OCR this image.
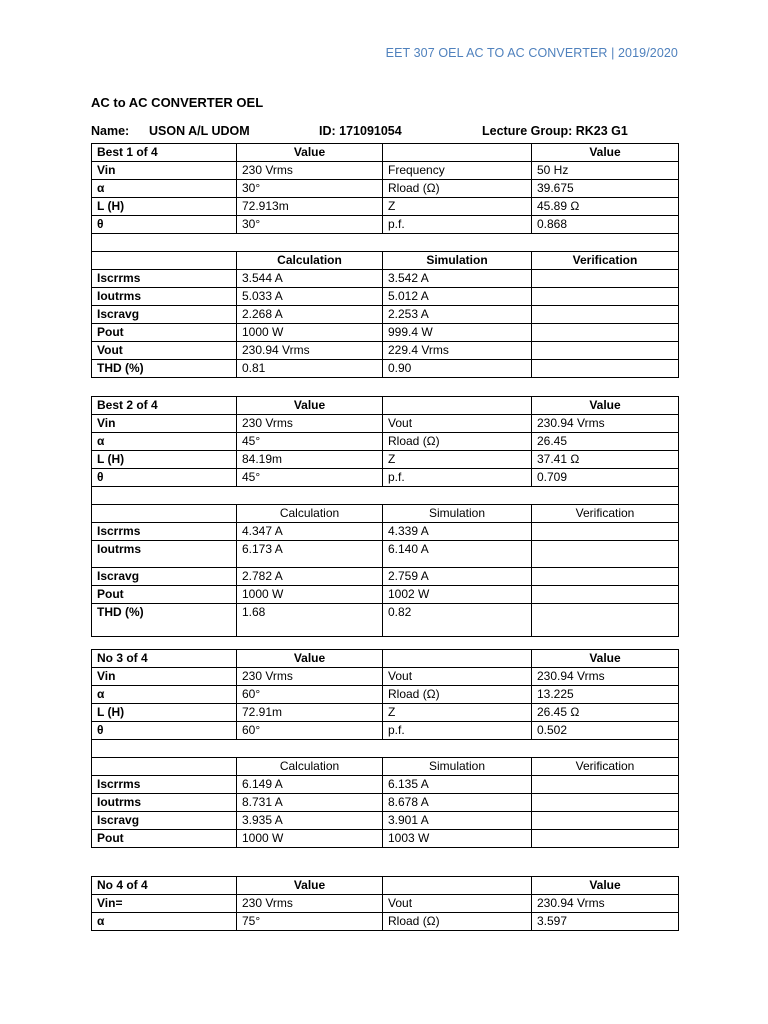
EET 307 OEL AC TO AC CONVERTER | 2019/2020
AC to AC CONVERTER OEL
Name: USON A/L UDOM	ID: 171091054	Lecture Group: RK23 G1
Best 1 of 4	Value		Value
Vin	230 Vrms	Frequency	50 Hz
α	30°	Rload (Ω)	39.675
L (H)	72.913m	Z	45.89 Ω
θ	30°	p.f.	0.868

	Calculation	Simulation	Verification
Iscrrms	3.544 A	3.542 A	
Ioutrms	5.033 A	5.012 A	
Iscravg	2.268 A	2.253 A	
Pout	1000 W	999.4 W	
Vout	230.94 Vrms	229.4 Vrms	
THD (%)	0.81	0.90	
Best 2 of 4	Value		Value
Vin	230 Vrms	Vout	230.94 Vrms
α	45°	Rload (Ω)	26.45
L (H)	84.19m	Z	37.41 Ω
θ	45°	p.f.	0.709

	Calculation	Simulation	Verification
Iscrrms	4.347 A	4.339 A	
Ioutrms	6.173 A	6.140 A	
Iscravg	2.782 A	2.759 A	
Pout	1000 W	1002 W	
THD (%)	1.68	0.82	
No 3 of 4	Value		Value
Vin	230 Vrms	Vout	230.94 Vrms
α	60°	Rload (Ω)	13.225
L (H)	72.91m	Z	26.45 Ω
θ	60°	p.f.	0.502

	Calculation	Simulation	Verification
Iscrrms	6.149 A	6.135 A	
Ioutrms	8.731 A	8.678 A	
Iscravg	3.935 A	3.901 A	
Pout	1000 W	1003 W	
No 4 of 4	Value		Value
Vin=	230 Vrms	Vout	230.94 Vrms
α	75°	Rload (Ω)	3.597
